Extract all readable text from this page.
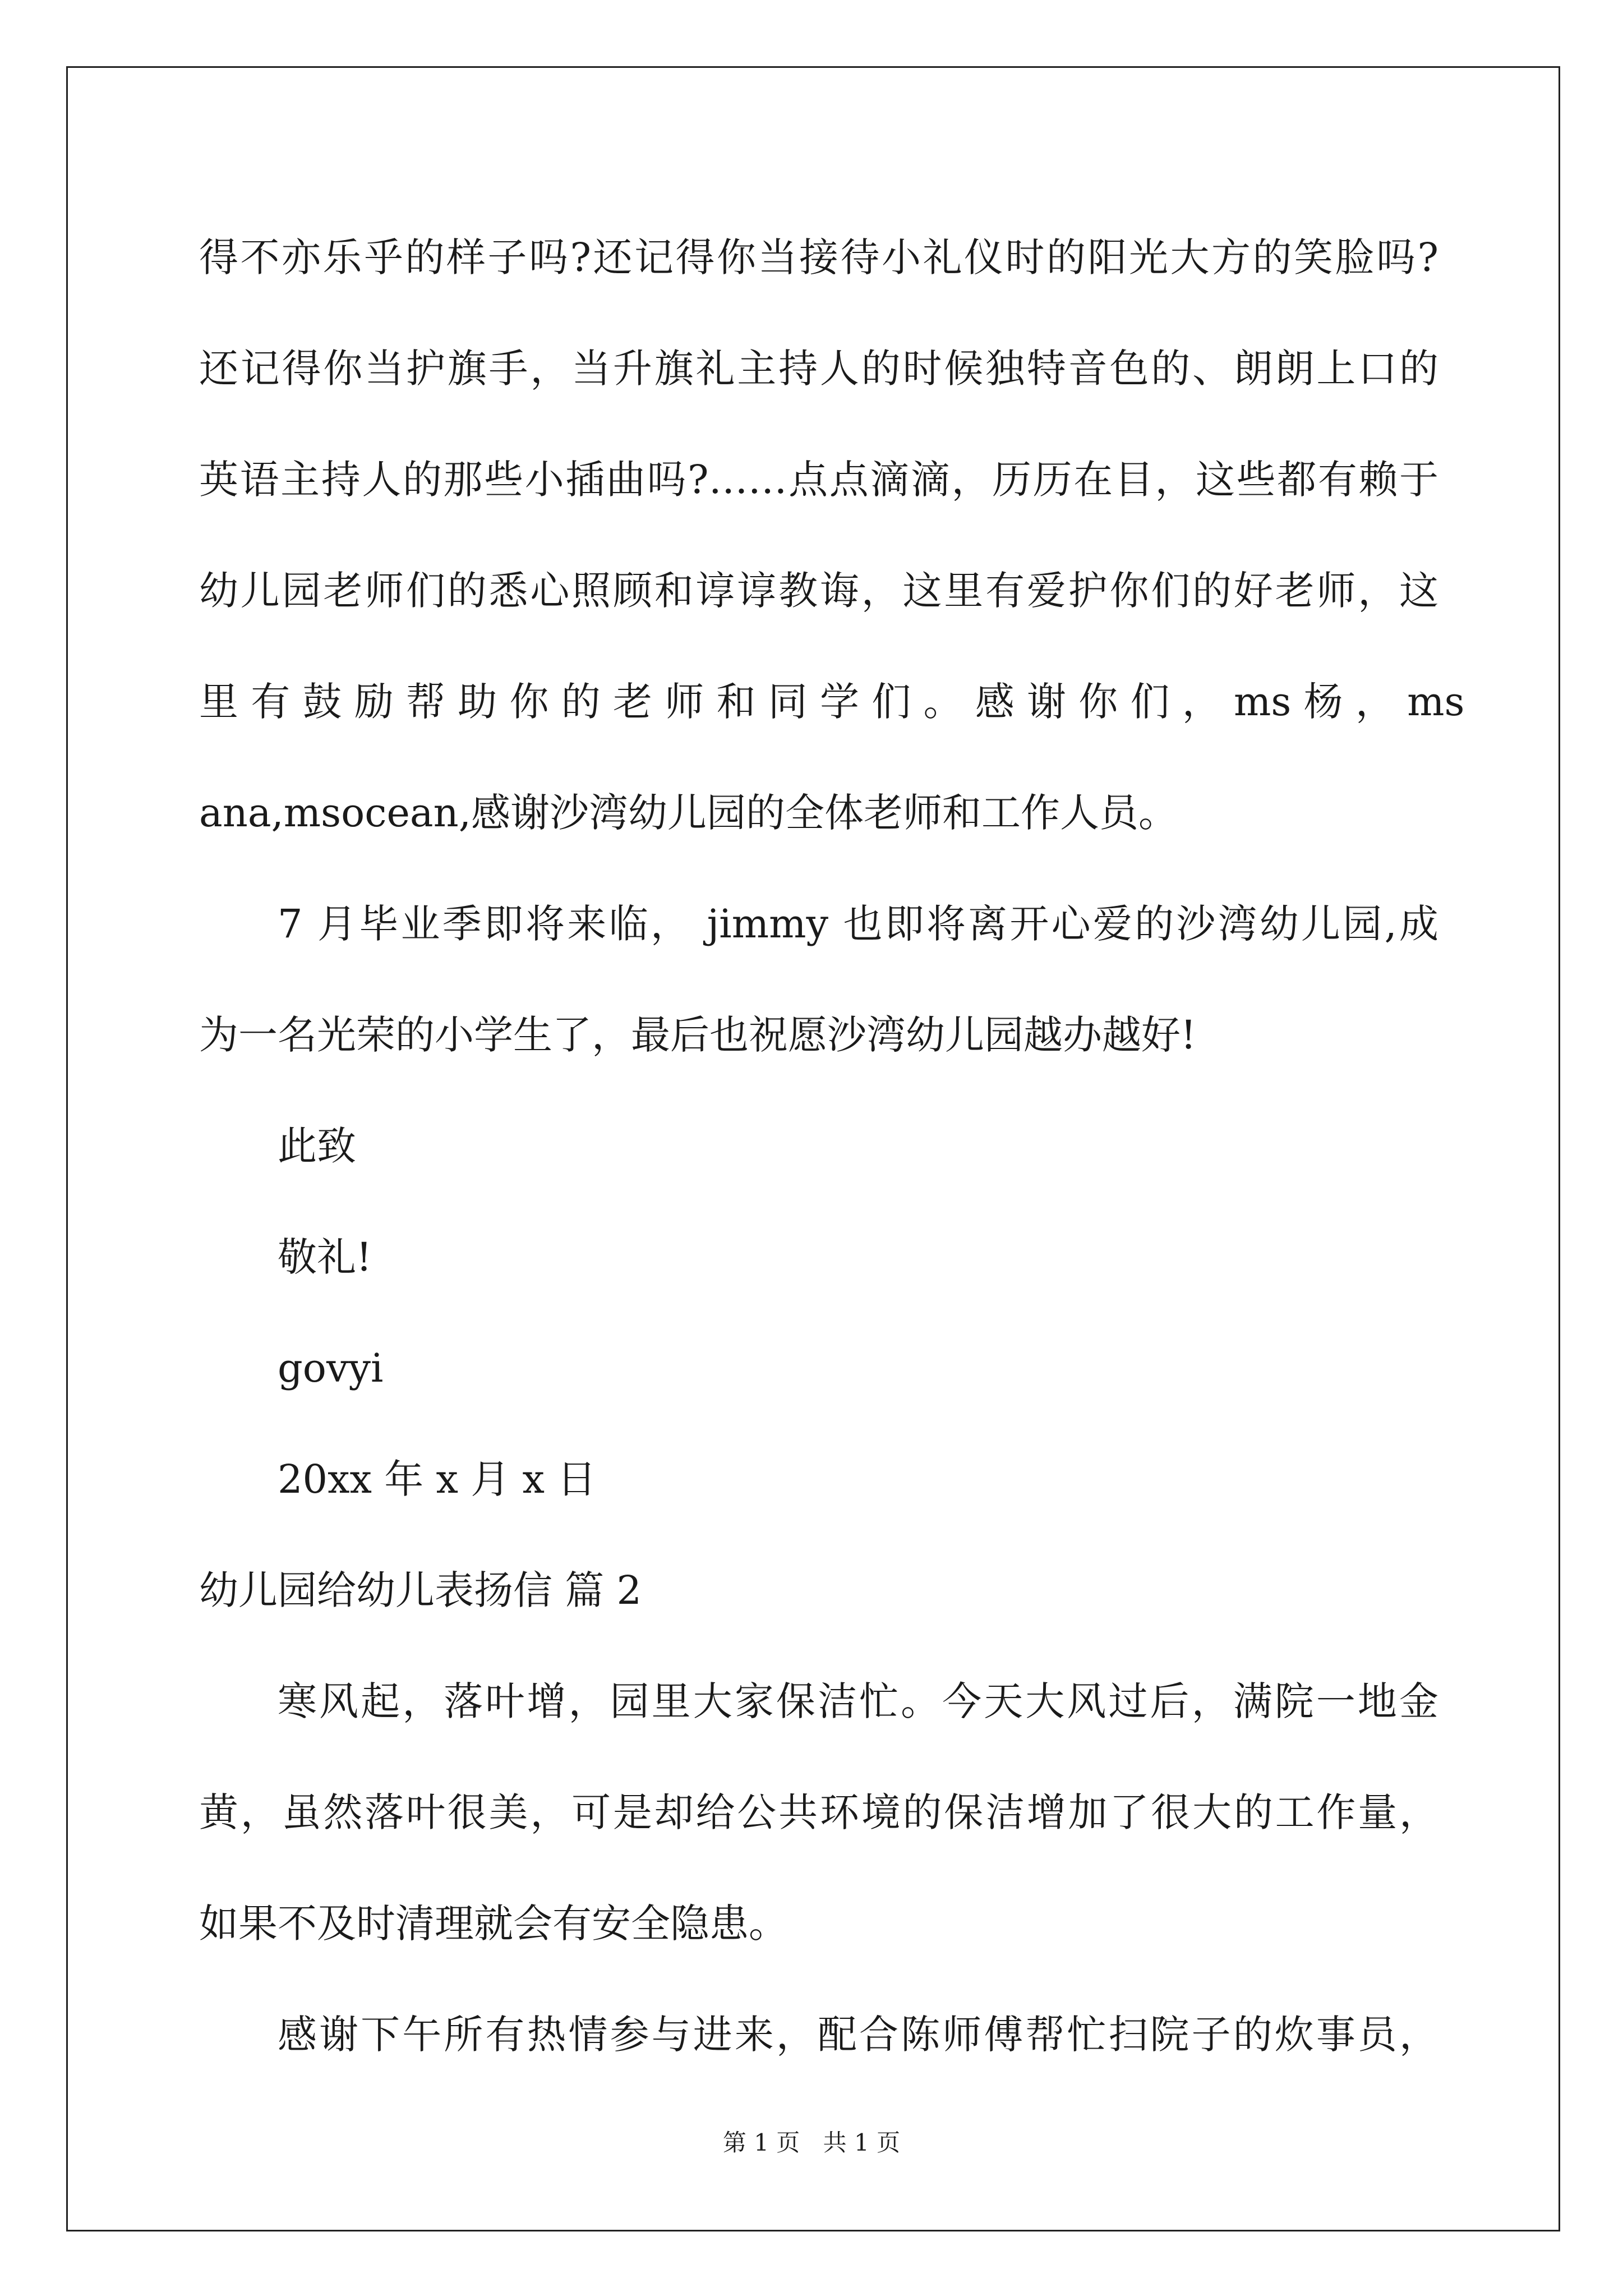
得不亦乐乎的样子吗?还记得你当接待小礼仪时的阳光大方的笑脸吗?
还记得你当护旗手，当升旗礼主持人的时候独特音色的、朗朗上口的
英语主持人的那些小插曲吗?……点点滴滴，历历在目，这些都有赖于
幼儿园老师们的悉心照顾和谆谆教诲，这里有爱护你们的好老师，这
里 有 鼓 励 帮 助 你 的 老 师 和 同 学 们 。 感 谢 你 们 ， ms 杨 ， ms
ana,msocean,感谢沙湾幼儿园的全体老师和工作人员。
7 月毕业季即将来临， jimmy 也即将离开心爱的沙湾幼儿园,成
为一名光荣的小学生了，最后也祝愿沙湾幼儿园越办越好!
此致
敬礼!
govyi
20xx 年 x 月 x 日
幼儿园给幼儿表扬信 篇 2
寒风起，落叶增，园里大家保洁忙。今天大风过后，满院一地金
黄，虽然落叶很美，可是却给公共环境的保洁增加了很大的工作量，
如果不及时清理就会有安全隐患。
感谢下午所有热情参与进来，配合陈师傅帮忙扫院子的炊事员，
第 1 页 共 1 页
